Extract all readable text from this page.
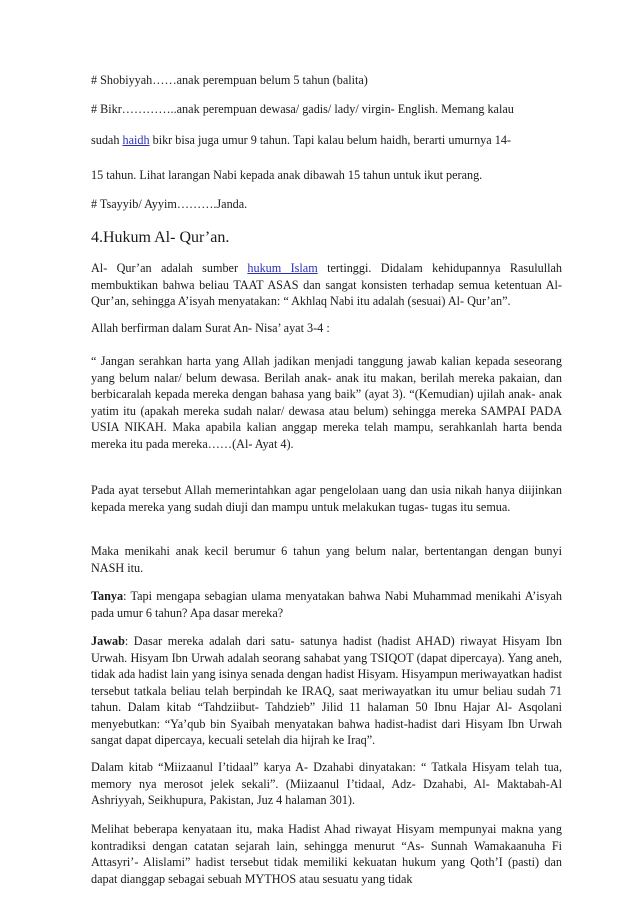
# Shobiyyah……anak perempuan belum 5 tahun (balita)
# Bikr…………..anak perempuan dewasa/ gadis/ lady/ virgin- English. Memang kalau
sudah haidh bikr bisa juga umur 9 tahun. Tapi kalau belum haidh, berarti umurnya 14-
15 tahun. Lihat larangan Nabi kepada anak dibawah 15 tahun untuk ikut perang.
# Tsayyib/ Ayyim……….Janda.
4.Hukum Al- Qur’an.
Al- Qur’an adalah sumber hukum Islam tertinggi. Didalam kehidupannya Rasulullah membuktikan bahwa beliau TAAT ASAS dan sangat konsisten terhadap semua ketentuan Al- Qur’an, sehingga A’isyah menyatakan: “ Akhlaq Nabi itu adalah (sesuai) Al- Qur’an”.
Allah berfirman dalam Surat An- Nisa’ ayat 3-4 :
“ Jangan serahkan harta yang Allah jadikan menjadi tanggung jawab kalian kepada seseorang yang belum nalar/ belum dewasa. Berilah anak- anak itu makan, berilah mereka pakaian, dan berbicaralah kepada mereka dengan bahasa yang baik” (ayat 3). “(Kemudian) ujilah anak- anak yatim itu (apakah mereka sudah nalar/ dewasa atau belum) sehingga mereka SAMPAI PADA USIA NIKAH. Maka apabila kalian anggap mereka telah mampu, serahkanlah harta benda mereka itu pada mereka……(Al- Ayat 4).
Pada ayat tersebut Allah memerintahkan agar pengelolaan uang dan usia nikah hanya diijinkan kepada mereka yang sudah diuji dan mampu untuk melakukan tugas- tugas itu semua.
Maka menikahi anak kecil berumur 6 tahun yang belum nalar, bertentangan dengan bunyi NASH itu.
Tanya: Tapi mengapa sebagian ulama menyatakan bahwa Nabi Muhammad menikahi A’isyah pada umur 6 tahun? Apa dasar mereka?
Jawab: Dasar mereka adalah dari satu- satunya hadist (hadist AHAD) riwayat Hisyam Ibn Urwah. Hisyam Ibn Urwah adalah seorang sahabat yang TSIQOT (dapat dipercaya). Yang aneh, tidak ada hadist lain yang isinya senada dengan hadist Hisyam. Hisyampun meriwayatkan hadist tersebut tatkala beliau telah berpindah ke IRAQ, saat meriwayatkan itu umur beliau sudah 71 tahun. Dalam kitab “Tahdziibut- Tahdzieb” Jilid 11 halaman 50 Ibnu Hajar Al- Asqolani menyebutkan: “Ya’qub bin Syaibah menyatakan bahwa hadist-hadist dari Hisyam Ibn Urwah sangat dapat dipercaya, kecuali setelah dia hijrah ke Iraq”.
Dalam kitab “Miizaanul I’tidaal” karya A- Dzahabi dinyatakan: “ Tatkala Hisyam telah tua, memory nya merosot jelek sekali”. (Miizaanul I’tidaal, Adz- Dzahabi, Al- Maktabah-Al Ashriyyah, Seikhupura, Pakistan, Juz 4 halaman 301).
Melihat beberapa kenyataan itu, maka Hadist Ahad riwayat Hisyam mempunyai makna yang kontradiksi dengan catatan sejarah lain, sehingga menurut “As- Sunnah Wamakaanuha Fi Attasyri’- Alislami” hadist tersebut tidak memiliki kekuatan hukum yang Qoth’I (pasti) dan dapat dianggap sebagai sebuah MYTHOS atau sesuatu yang tidak
